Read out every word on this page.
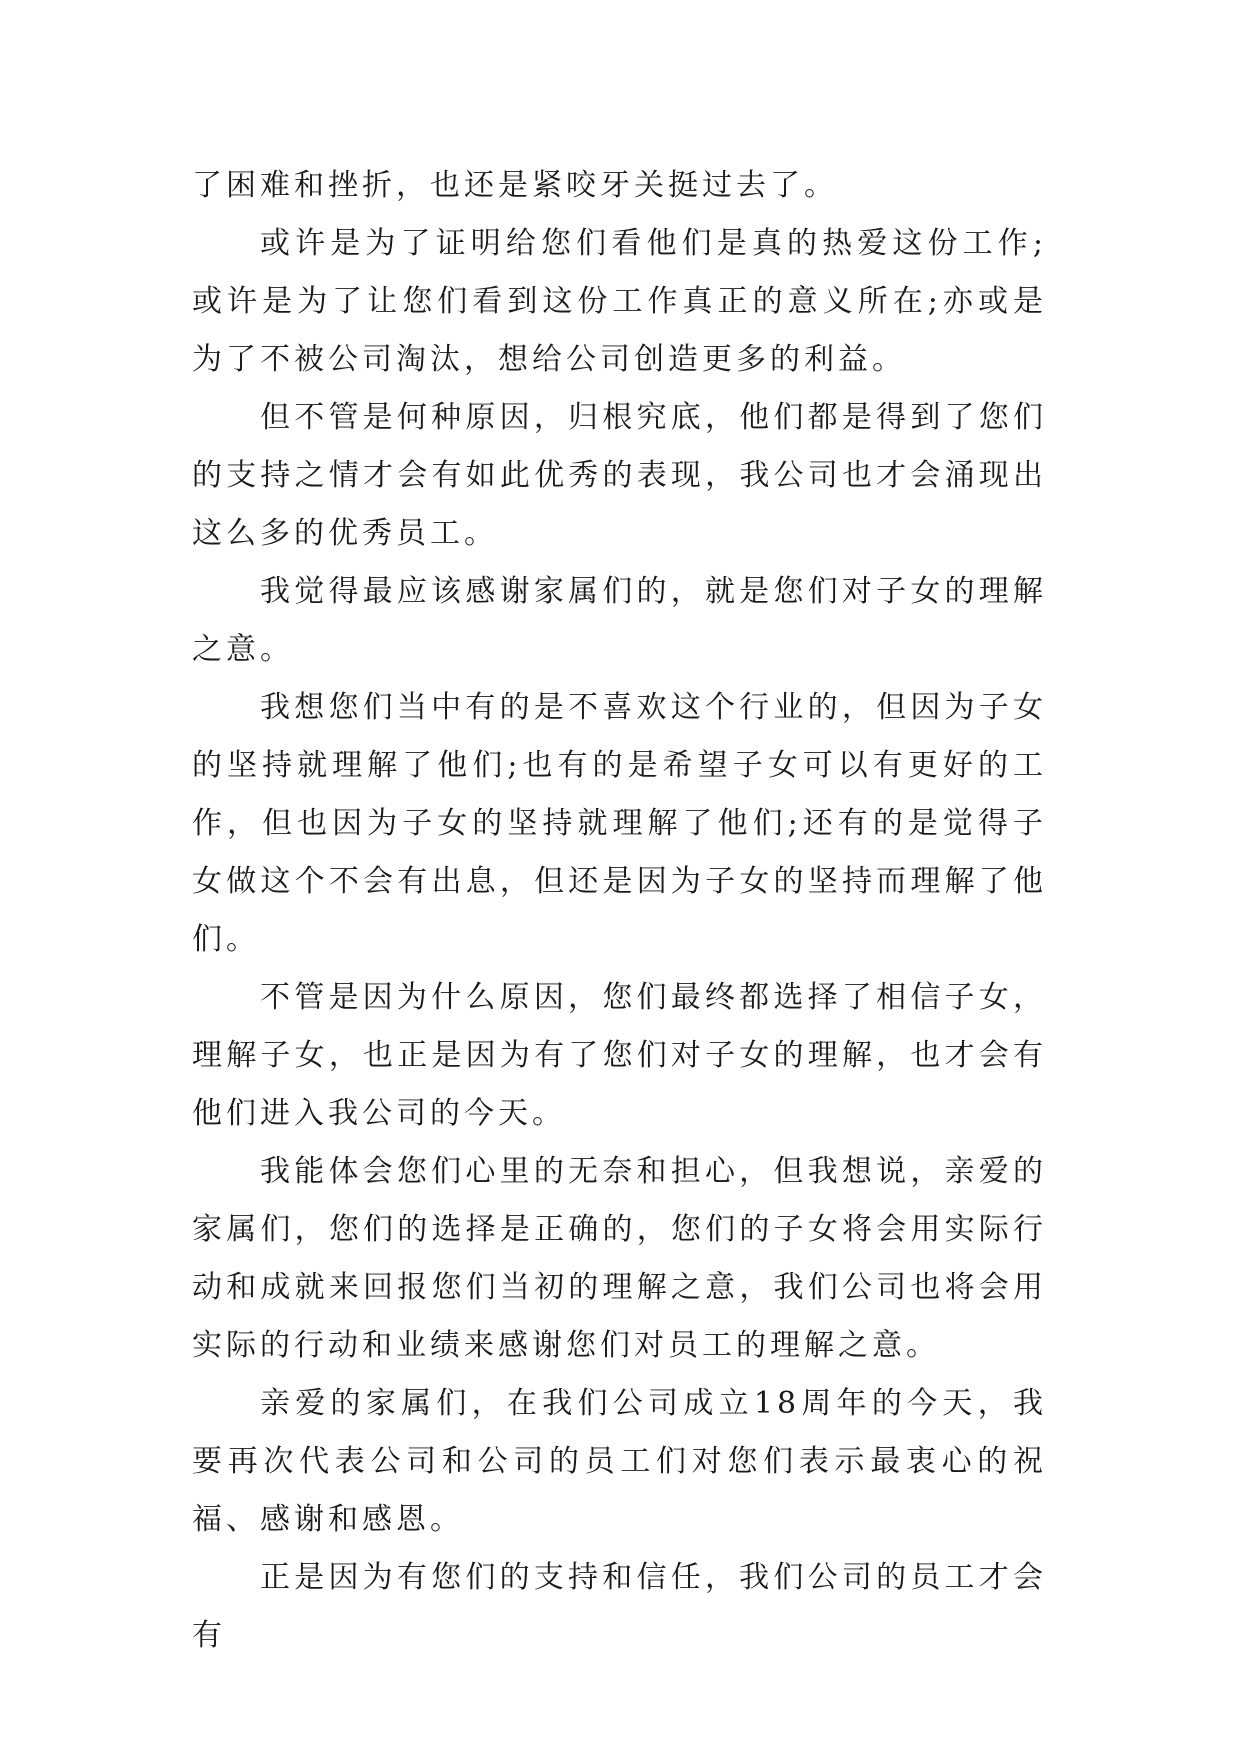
了困难和挫折，也还是紧咬牙关挺过去了。

或许是为了证明给您们看他们是真的热爱这份工作;或许是为了让您们看到这份工作真正的意义所在;亦或是为了不被公司淘汰，想给公司创造更多的利益。

但不管是何种原因，归根究底，他们都是得到了您们的支持之情才会有如此优秀的表现，我公司也才会涌现出这么多的优秀员工。

我觉得最应该感谢家属们的，就是您们对子女的理解之意。

我想您们当中有的是不喜欢这个行业的，但因为子女的坚持就理解了他们;也有的是希望子女可以有更好的工作，但也因为子女的坚持就理解了他们;还有的是觉得子女做这个不会有出息，但还是因为子女的坚持而理解了他们。

不管是因为什么原因，您们最终都选择了相信子女，理解子女，也正是因为有了您们对子女的理解，也才会有他们进入我公司的今天。

我能体会您们心里的无奈和担心，但我想说，亲爱的家属们，您们的选择是正确的，您们的子女将会用实际行动和成就来回报您们当初的理解之意，我们公司也将会用实际的行动和业绩来感谢您们对员工的理解之意。

亲爱的家属们，在我们公司成立18周年的今天，我要再次代表公司和公司的员工们对您们表示最衷心的祝福、感谢和感恩。

正是因为有您们的支持和信任，我们公司的员工才会有
